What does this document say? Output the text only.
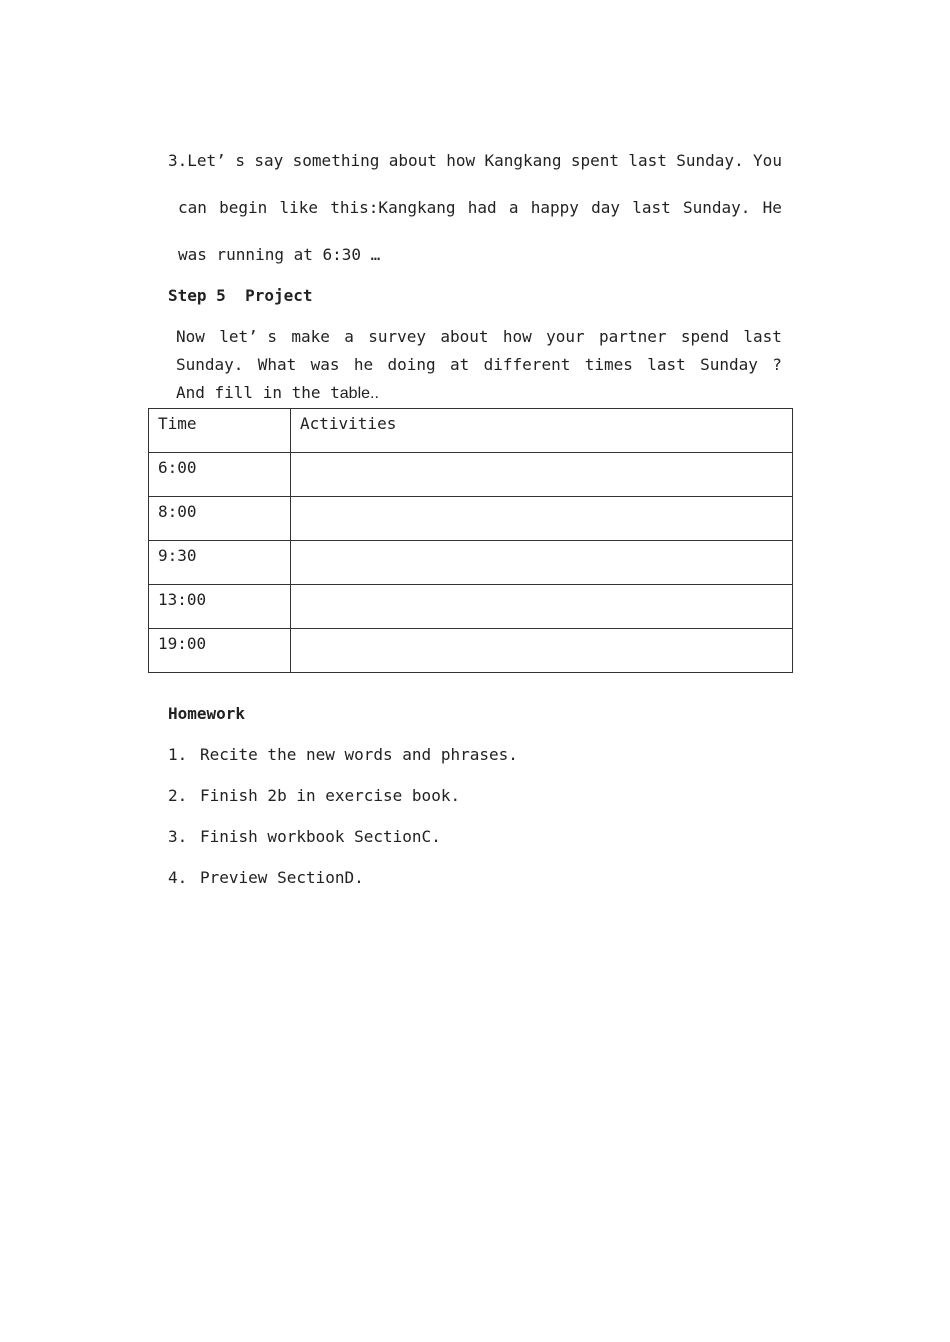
3.Let’ s say something about how Kangkang spent last Sunday. You
can begin like this:Kangkang had a happy day last Sunday. He
was running at 6:30 …
Step 5  Project
Now let’ s make a survey about how your partner spend last
Sunday. What was he doing at different times last Sunday ?
And fill in the table..
Time	Activities
6:00	
8:00	
9:30	
13:00	
19:00	
Homework
1. Recite the new words and phrases.
2. Finish 2b in exercise book.
3. Finish workbook SectionC.
4. Preview SectionD.
